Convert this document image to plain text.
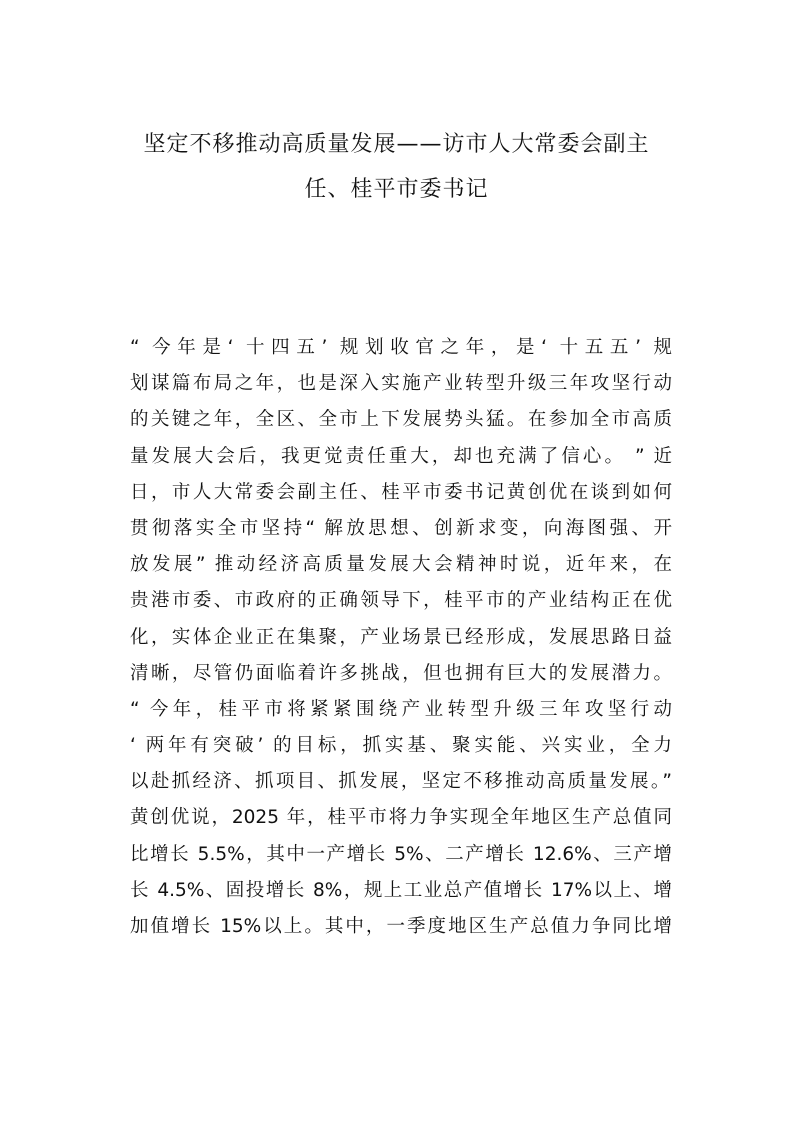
坚定不移推动高质量发展——访市人大常委会副主
任、桂平市委书记
“ 今年是‘ 十四五’ 规划收官之年，是‘ 十五五’ 规
划谋篇布局之年，也是深入实施产业转型升级三年攻坚行动
的关键之年，全区、全市上下发展势头猛。在参加全市高质
量发展大会后，我更觉责任重大，却也充满了信心。 ” 近
日，市人大常委会副主任、桂平市委书记黄创优在谈到如何
贯彻落实全市坚持“ 解放思想、创新求变，向海图强、开
放发展” 推动经济高质量发展大会精神时说，近年来，在
贵港市委、市政府的正确领导下，桂平市的产业结构正在优
化，实体企业正在集聚，产业场景已经形成，发展思路日益
清晰，尽管仍面临着许多挑战，但也拥有巨大的发展潜力。
“ 今年，桂平市将紧紧围绕产业转型升级三年攻坚行动
‘ 两年有突破’ 的目标，抓实基、聚实能、兴实业，全力
以赴抓经济、抓项目、抓发展，坚定不移推动高质量发展。”
黄创优说，2025 年，桂平市将力争实现全年地区生产总值同
比增长 5.5%，其中一产增长 5%、二产增长 12.6%、三产增
长 4.5%、固投增长 8%，规上工业总产值增长 17%以上、增
加值增长 15%以上。其中，一季度地区生产总值力争同比增
